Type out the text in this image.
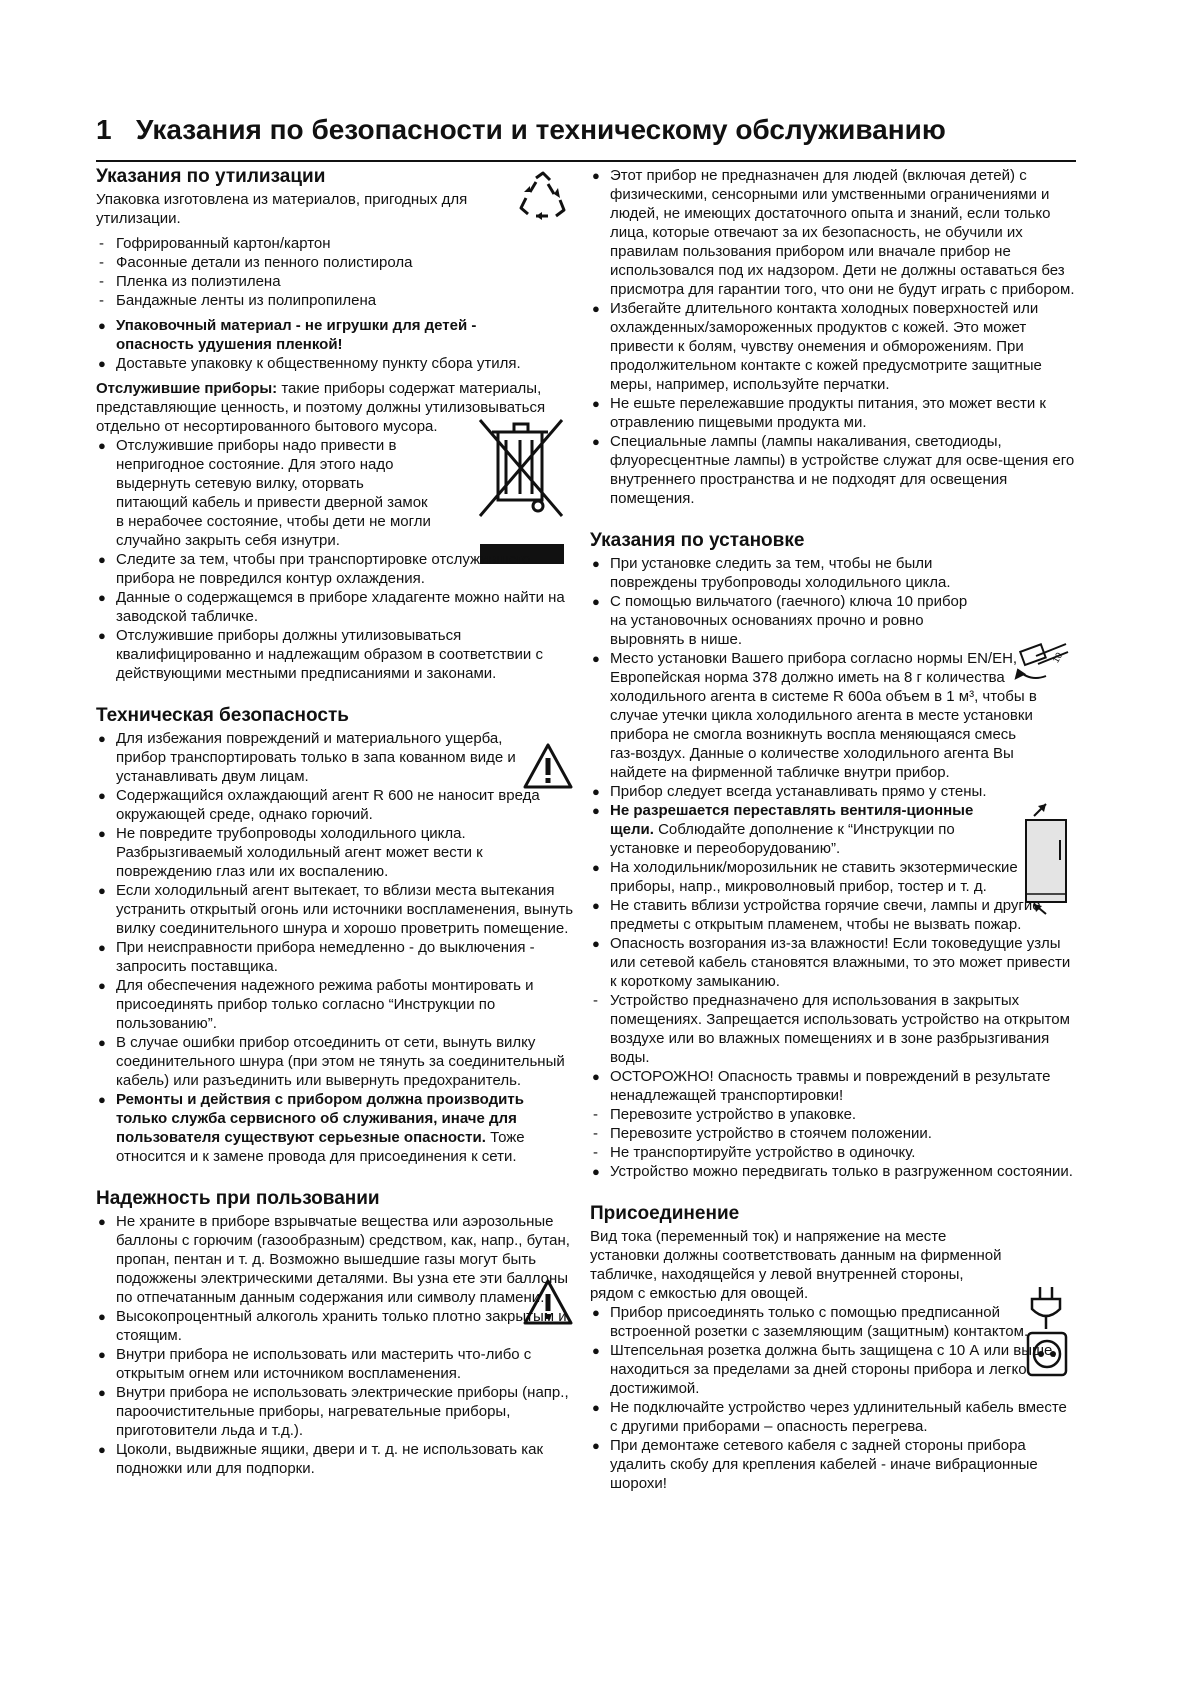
1 Указания по безопасности и техническому обслуживанию
10
Указания по утилизации

Упаковка изготовлена из материалов, пригодных для утилизации.

- Гофрированный картон/картон

- Фасонные детали из пенного полистирола

- Пленка из полиэтилена

- Бандажные ленты из полипропилена

● Упаковочный материал - не игрушки для детей - опасность удушения пленкой!

● Доставьте упаковку к общественному пункту сбора утиля.

Отслужившие приборы: такие приборы содержат материалы, представляющие ценность, и поэтому должны утилизовываться отдельно от несортированного бытового мусора.

● Отслужившие приборы надо привести в непригодное состояние. Для этого надо выдернуть сетевую вилку, оторвать питающий кабель и привести дверной замок в нерабочее состояние, чтобы дети не могли случайно закрыть себя изнутри.

● Следите за тем, чтобы при транспортировке отслужившего прибора не повредился контур охлаждения.

● Данные о содержащемся в приборе хладагенте можно найти на заводской табличке.

● Отслужившие приборы должны утилизовываться квалифицированно и надлежащим образом в соответствии с действующими местными предписаниями и законами.

Техническая безопасность

● Для избежания повреждений и материального ущерба, прибор транспортировать только в запа кованном виде и устанавливать двум лицам.

● Содержащийся охлаждающий агент R 600 не наносит вреда окружающей среде, однако горючий.

● Не повредите трубопроводы холодильного цикла. Разбрызгиваемый холодильный агент может вести к повреждению глаз или их воспалению.

● Если холодильный агент вытекает, то вблизи места вытекания устранить открытый огонь или источники воспламенения, вынуть вилку соединительного шнура и хорошо проветрить помещение.

● При неисправности прибора немедленно - до выключения - запросить поставщика.

● Для обеспечения надежного режима работы монтировать и присоединять прибор только согласно “Инструкции по пользованию”.

● В случае ошибки прибор отсоединить от сети, вынуть вилку соединительного шнура (при этом не тянуть за соединительный кабель) или разъединить или вывернуть предохранитель.

● Ремонты и действия с прибором должна производить только служба сервисного об служивания, иначе для пользователя существуют серьезные опасности. Тоже относится и к замене провода для присоединения к сети.

Надежность при пользовании

● Не храните в приборе взрывчатые вещества или аэрозольные баллоны с горючим (газообразным) средством, как, напр., бутан, пропан, пентан и т. д. Возможно вышедшие газы могут быть подожжены электрическими деталями. Вы узна ете эти баллоны по отпечатанным данным содержания или символу пламени.

● Высокопроцентный алкоголь хранить только плотно закрытым и стоящим.

● Внутри прибора не использовать или мастерить что-либо с открытым огнем или источником воспламенения.

● Внутри прибора не использовать электрические приборы (напр., пароочистительные приборы, нагревательные приборы, приготовители льда и т.д.).

● Цоколи, выдвижные ящики, двери и т. д. не использовать как подножки или для подпорки.

● Этот прибор не предназначен для людей (включая детей) с физическими, сенсорными или умственными ограничениями и людей, не имеющих достаточного опыта и знаний, если только лица, которые отвечают за их безопасность, не обучили их правилам пользования прибором или вначале прибор не использовался под их надзором. Дети не должны оставаться без присмотра для гарантии того, что они не будут играть с прибором.

● Избегайте длительного контакта холодных поверхностей или охлажденных/замороженных продуктов с кожей. Это может привести к болям, чувству онемения и обморожениям. При продолжительном контакте с кожей предусмотрите защитные меры, например, используйте перчатки.

● Не ешьте перележавшие продукты питания, это может вести к отравлению пищевыми продукта ми.

● Специальные лампы (лампы накаливания, светодиоды, флуоресцентные лампы) в устройстве служат для осве-щения его внутреннего пространства и не подходят для освещения помещения.

Указания по установке

● При установке следить за тем, чтобы не были повреждены трубопроводы холодильного цикла.

● С помощью вильчатого (гаечного) ключа 10 прибор на установочных основаниях прочно и ровно выровнять в нише.

● Место установки Вашего прибора согласно нормы EN/EH, Европейская норма 378 должно иметь на 8 г количества холодильного агента в системе R 600a объем в 1 м³, чтобы в случае утечки цикла холодильного агента в месте установки прибора не смогла возникнуть воспла меняющаяся смесь газ-воздух. Данные о количестве холодильного агента Вы найдете на фирменной табличке внутри прибор.

● Прибор следует всегда устанавливать прямо у стены.

● Не разрешается переставлять вентиля-ционные щели. Соблюдайте дополнение к “Инструкции по установке и переоборудованию”.

● На холодильник/морозильник не ставить экзотермические приборы, напр., микроволновый прибор, тостер и т. д.

● Не ставить вблизи устройства горячие свечи, лампы и другие предметы с открытым пламенем, чтобы не вызвать пожар.

● Опасность возгорания из-за влажности! Если токоведущие узлы или сетевой кабель становятся влажными, то это может привести к короткому замыканию.

- Устройство предназначено для использования в закрытых помещениях. Запрещается использовать устройство на открытом воздухе или во влажных помещениях и в зоне разбрызгивания воды.

● ОСТОРОЖНО! Опасность травмы и повреждений в результате ненадлежащей транспортировки!

- Перевозите устройство в упаковке.

- Перевозите устройство в стоячем положении.

- Не транспортируйте устройство в одиночку.

● Устройство можно передвигать только в разгруженном состоянии.

Присоединение

Вид тока (переменный ток) и напряжение на месте установки должны соответствовать данным на фирменной табличке, находящейся у левой внутренней стороны, рядом с емкостью для овощей.

● Прибор присоединять только с помощью предписанной встроенной розетки с заземляющим (защитным) контактом.

● Штепсельная розетка должна быть защищена с 10 А или выше, находиться за пределами за дней стороны прибора и легко достижимой.

● Не подключайте устройство через удлинительный кабель вместе с другими приборами – опасность перегрева.

● При демонтаже сетевого кабеля с задней стороны прибора удалить скобу для крепления кабелей - иначе вибрационные шорохи!
